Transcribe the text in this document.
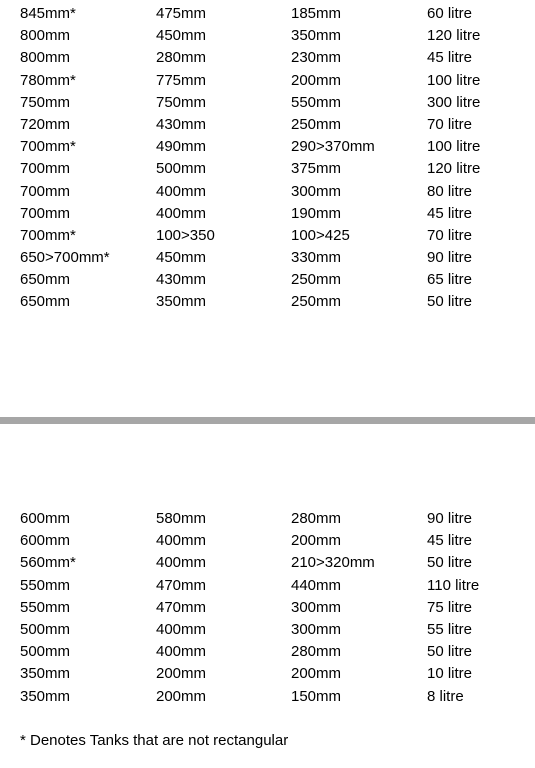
845mm*	475mm	185mm	60 litre
800mm	450mm	350mm	120 litre
800mm	280mm	230mm	45 litre
780mm*	775mm	200mm	100 litre
750mm	750mm	550mm	300 litre
720mm	430mm	250mm	70 litre
700mm*	490mm	290>370mm	100 litre
700mm	500mm	375mm	120 litre
700mm	400mm	300mm	80 litre
700mm	400mm	190mm	45 litre
700mm*	100>350	100>425	70 litre
650>700mm*	450mm	330mm	90 litre
650mm	430mm	250mm	65 litre
650mm	350mm	250mm	50 litre
600mm	580mm	280mm	90 litre
600mm	400mm	200mm	45 litre
560mm*	400mm	210>320mm	50 litre
550mm	470mm	440mm	110 litre
550mm	470mm	300mm	75 litre
500mm	400mm	300mm	55 litre
500mm	400mm	280mm	50 litre
350mm	200mm	200mm	10 litre
350mm	200mm	150mm	8 litre
* Denotes Tanks that are not rectangular
